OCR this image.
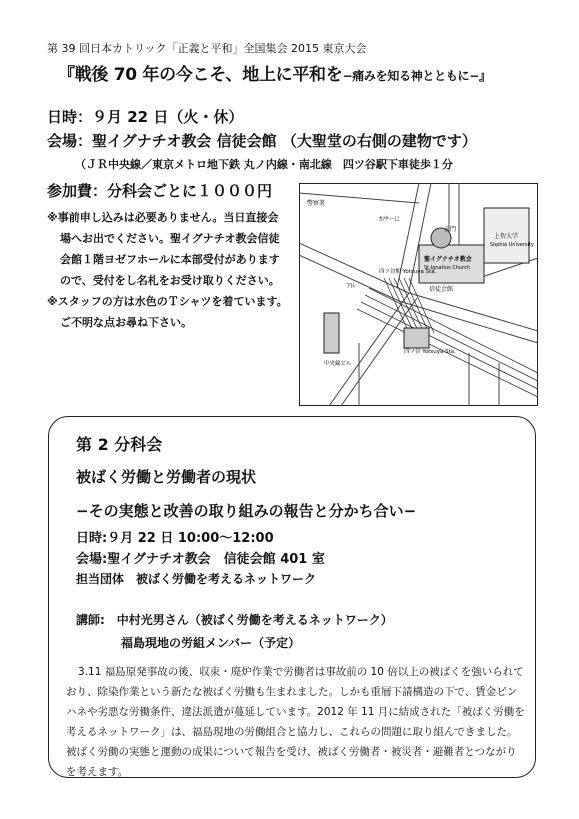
第 39 回日本カトリック「正義と平和」全国集会 2015 東京大会
『戦後 70 年の今こそ、地上に平和を−痛みを知る神とともに−』
日時：９月 22 日（火・休）
会場：聖イグナチオ教会 信徒会館 （大聖堂の右側の建物です）
（ＪＲ中央線／東京メトロ地下鉄 丸ノ内線・南北線　四ツ谷駅下車徒歩１分
参加費：分科会ごとに１０００円

※事前申し込みは必要ありません。当日直接会

場へお出でください。聖イグナチオ教会信徒

会館１階ヨゼフホールに本部受付があります

ので、受付をし名札をお受け取りください。

※スタッフの方は水色のＴシャツを着ています。

ご不明な点お尋ね下さい。

警察署
ｶﾌｸ一に
正門
四ツ谷駅 Yotsuya Sta.
ｱﾄﾚ
聖イグナチオ教会
St.Ignatius Church
上智大学
Sophia University
信徒会館
四ツ谷 Yotsuya Sta.
中央線ビル
第 2 分科会
被ばく労働と労働者の現状
−その実態と改善の取り組みの報告と分かち合い−
日時:９月 22 日 10:00〜12:00
会場:聖イグナチオ教会　信徒会館 401 室
担当団体　被ばく労働を考えるネットワーク
講師:　中村光男さん（被ばく労働を考えるネットワーク）
福島現地の労組メンバー（予定）

3.11 福島原発事故の後、収束・廃炉作業で労働者は事故前の 10 倍以上の被ばくを強いられて

おり、除染作業という新たな被ばく労働も生まれました。しかも重層下請構造の下で、賃金ピン

ハネや劣悪な労働条件、違法派遣が蔓延しています。2012 年 11 月に結成された「被ばく労働を

考えるネットワーク」は、福島現地の労働組合と協力し、これらの問題に取り組んできました。

被ばく労働の実態と運動の成果について報告を受け、被ばく労働者・被災者・避難者とつながり

を考えます。
